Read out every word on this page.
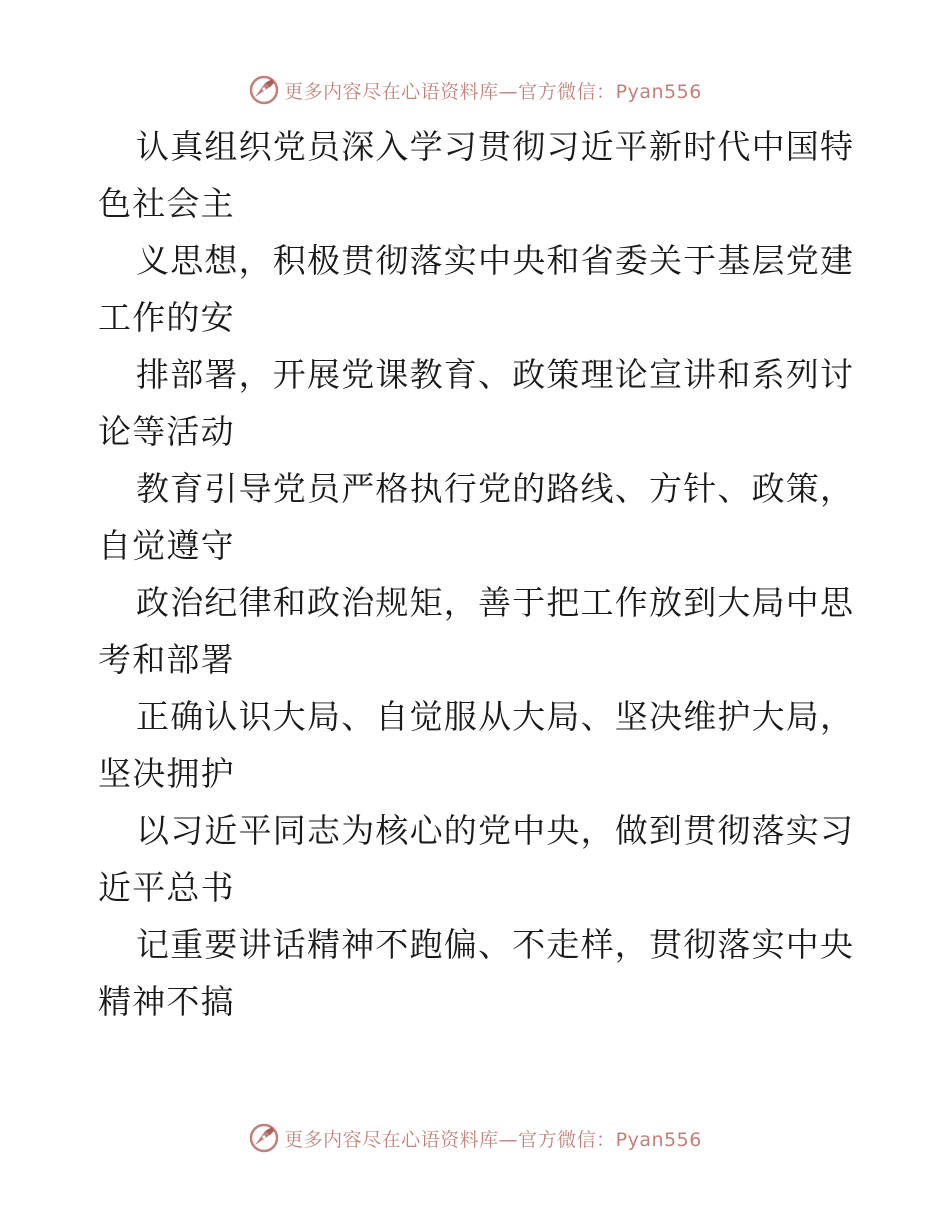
更多内容尽在心语资料库—官方微信：Pyan556

认真组织党员深入学习贯彻习近平新时代中国特
色社会主

义思想，积极贯彻落实中央和省委关于基层党建
工作的安

排部署，开展党课教育、政策理论宣讲和系列讨
论等活动

教育引导党员严格执行党的路线、方针、政策，
自觉遵守

政治纪律和政治规矩，善于把工作放到大局中思
考和部署

正确认识大局、自觉服从大局、坚决维护大局，
坚决拥护

以习近平同志为核心的党中央，做到贯彻落实习
近平总书

记重要讲话精神不跑偏、不走样，贯彻落实中央
精神不搞

更多内容尽在心语资料库—官方微信：Pyan556
